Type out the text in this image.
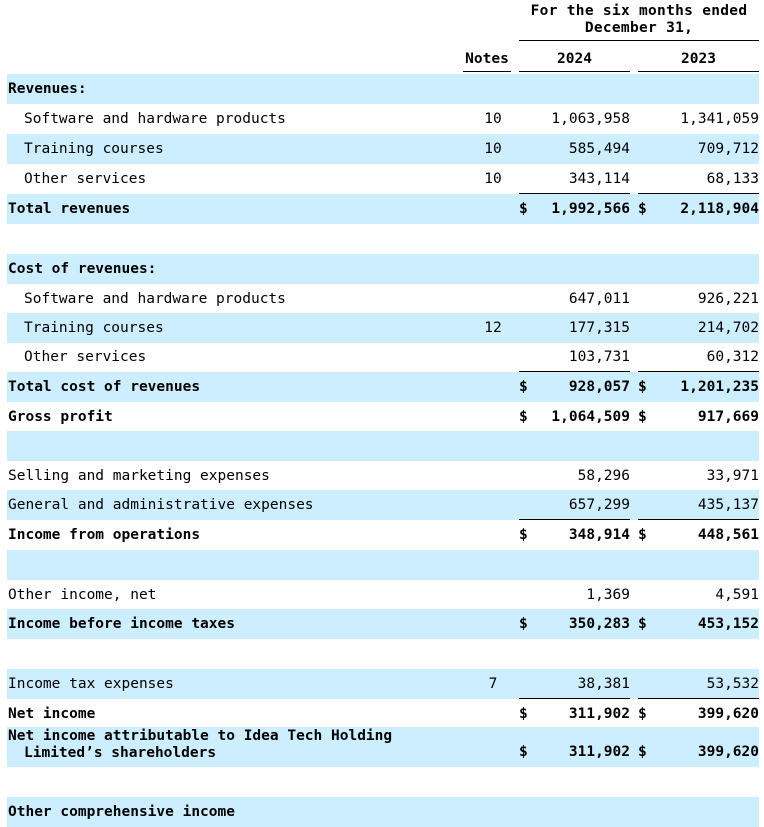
For the six months ended
December 31,
Notes	2024	2023
Revenues:
Software and hardware products	10	1,063,958	1,341,059
Training courses	10	585,494	709,712
Other services	10	343,114	68,133
Total revenues	$ 1,992,566 $ 2,118,904
Cost of revenues:
Software and hardware products	647,011	926,221
Training courses	12	177,315	214,702
Other services	103,731	60,312
Total cost of revenues	$	928,057 $ 1,201,235
Gross profit	$ 1,064,509 $	917,669
Selling and marketing expenses	58,296	33,971
General and administrative expenses	657,299	435,137
Income from operations	$	348,914 $	448,561
Other income, net	1,369	4,591
Income before income taxes	$	350,283 $	453,152
Income tax expenses	7	38,381	53,532
Net income	$	311,902 $	399,620
Net income attributable to Idea Tech Holding
Limited’s shareholders	$	311,902 $	399,620
Other comprehensive income
